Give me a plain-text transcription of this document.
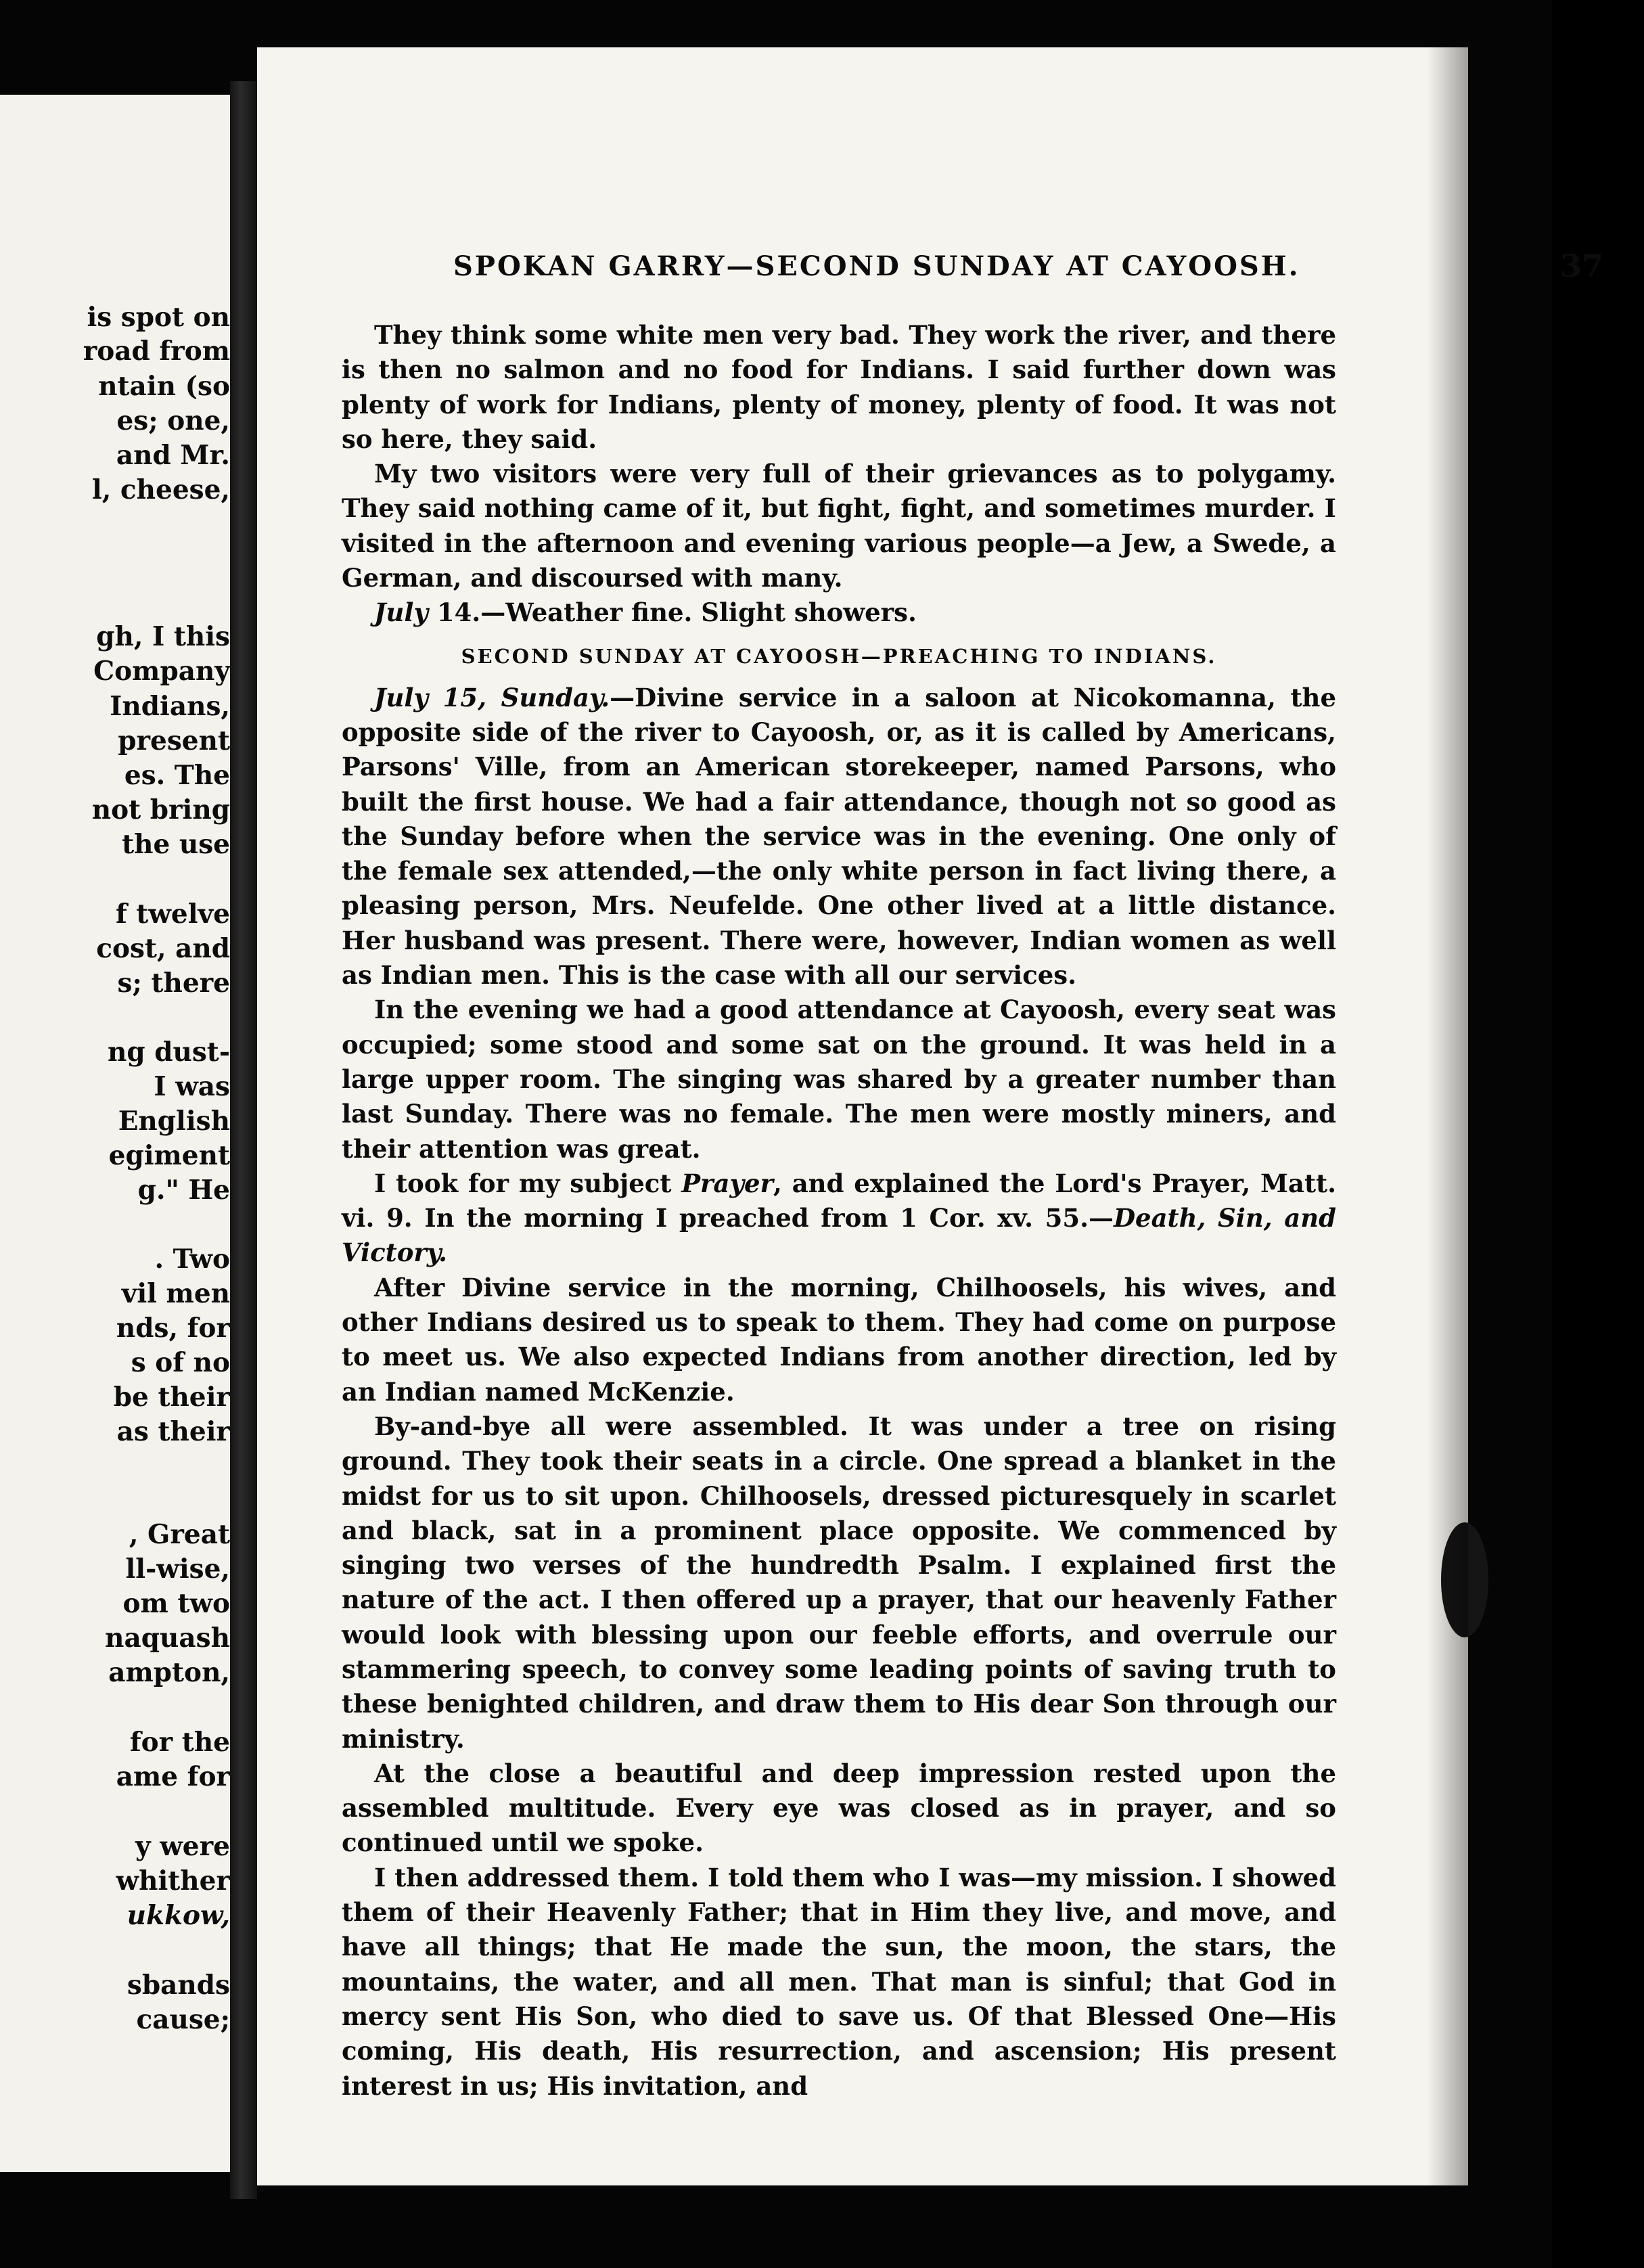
is spot on
road from
ntain (so
es; one,
and Mr.
l, cheese,
gh, I this
Company
Indians,
present
es. The
not bring
the use
f twelve
cost, and
s; there
ng dust-
I was
English
egiment
g." He
. Two
vil men
nds, for
s of no
be their
as their
, Great
ll-wise,
om two
naquash
ampton,
for the
ame for
y were
whither
ukkow,
sbands
cause;
SPOKAN GARRY—SECOND SUNDAY AT CAYOOSH.	37

They think some white men very bad. They work the river, and there is then no salmon and no food for Indians. I said further down was plenty of work for Indians, plenty of money, plenty of food. It was not so here, they said.

My two visitors were very full of their grievances as to polygamy. They said nothing came of it, but fight, fight, and sometimes murder. I visited in the afternoon and evening various people—a Jew, a Swede, a German, and discoursed with many.

July 14.—Weather fine. Slight showers.

SECOND SUNDAY AT CAYOOSH—PREACHING TO INDIANS.

July 15, Sunday.—Divine service in a saloon at Nicokomanna, the opposite side of the river to Cayoosh, or, as it is called by Americans, Parsons' Ville, from an American storekeeper, named Parsons, who built the first house. We had a fair attendance, though not so good as the Sunday before when the service was in the evening. One only of the female sex attended,—the only white person in fact living there, a pleasing person, Mrs. Neufelde. One other lived at a little distance. Her husband was present. There were, however, Indian women as well as Indian men. This is the case with all our services.

In the evening we had a good attendance at Cayoosh, every seat was occupied; some stood and some sat on the ground. It was held in a large upper room. The singing was shared by a greater number than last Sunday. There was no female. The men were mostly miners, and their attention was great.

I took for my subject Prayer, and explained the Lord's Prayer, Matt. vi. 9. In the morning I preached from 1 Cor. xv. 55.—Death, Sin, and Victory.

After Divine service in the morning, Chilhoosels, his wives, and other Indians desired us to speak to them. They had come on purpose to meet us. We also expected Indians from another direction, led by an Indian named McKenzie.

By-and-bye all were assembled. It was under a tree on rising ground. They took their seats in a circle. One spread a blanket in the midst for us to sit upon. Chilhoosels, dressed picturesquely in scarlet and black, sat in a prominent place opposite. We commenced by singing two verses of the hundredth Psalm. I explained first the nature of the act. I then offered up a prayer, that our heavenly Father would look with blessing upon our feeble efforts, and overrule our stammering speech, to convey some leading points of saving truth to these benighted children, and draw them to His dear Son through our ministry.

At the close a beautiful and deep impression rested upon the assembled multitude. Every eye was closed as in prayer, and so continued until we spoke.

I then addressed them. I told them who I was—my mission. I showed them of their Heavenly Father; that in Him they live, and move, and have all things; that He made the sun, the moon, the stars, the mountains, the water, and all men. That man is sinful; that God in mercy sent His Son, who died to save us. Of that Blessed One—His coming, His death, His resurrection, and ascension; His present interest in us; His invitation, and
